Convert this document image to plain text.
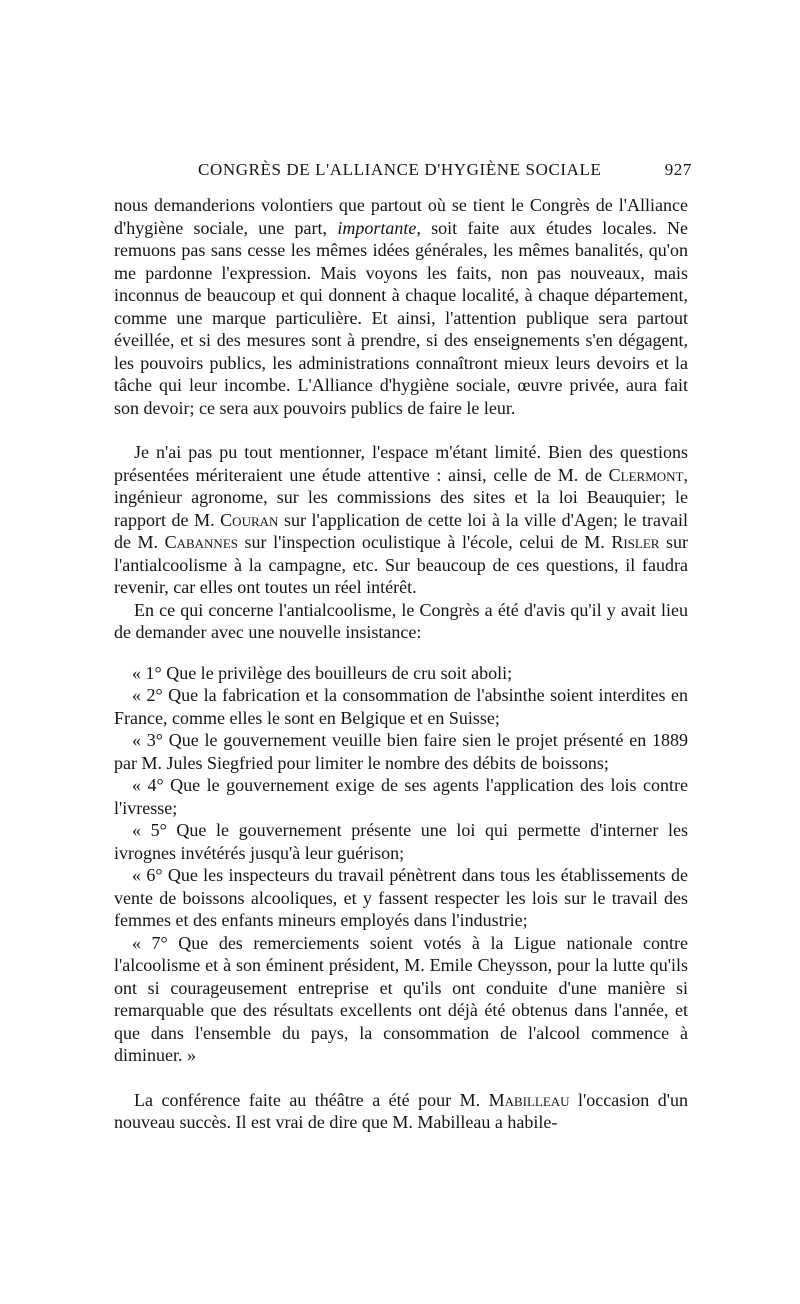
CONGRÈS DE L'ALLIANCE D'HYGIÈNE SOCIALE	927

nous demanderions volontiers que partout où se tient le Congrès de l'Alliance d'hygiène sociale, une part, importante, soit faite aux études locales. Ne remuons pas sans cesse les mêmes idées générales, les mêmes banalités, qu'on me pardonne l'expression. Mais voyons les faits, non pas nouveaux, mais inconnus de beaucoup et qui donnent à chaque localité, à chaque département, comme une marque particulière. Et ainsi, l'attention publique sera partout éveillée, et si des mesures sont à prendre, si des enseignements s'en dégagent, les pouvoirs publics, les administrations connaîtront mieux leurs devoirs et la tâche qui leur incombe. L'Alliance d'hygiène sociale, œuvre privée, aura fait son devoir; ce sera aux pouvoirs publics de faire le leur.

Je n'ai pas pu tout mentionner, l'espace m'étant limité. Bien des questions présentées mériteraient une étude attentive : ainsi, celle de M. de Clermont, ingénieur agronome, sur les commissions des sites et la loi Beauquier; le rapport de M. Couran sur l'application de cette loi à la ville d'Agen; le travail de M. Cabannes sur l'inspection oculistique à l'école, celui de M. Risler sur l'antialcoolisme à la campagne, etc. Sur beaucoup de ces questions, il faudra revenir, car elles ont toutes un réel intérêt.

En ce qui concerne l'antialcoolisme, le Congrès a été d'avis qu'il y avait lieu de demander avec une nouvelle insistance:

« 1° Que le privilège des bouilleurs de cru soit aboli;

« 2° Que la fabrication et la consommation de l'absinthe soient interdites en France, comme elles le sont en Belgique et en Suisse;

« 3° Que le gouvernement veuille bien faire sien le projet présenté en 1889 par M. Jules Siegfried pour limiter le nombre des débits de boissons;

« 4° Que le gouvernement exige de ses agents l'application des lois contre l'ivresse;

« 5° Que le gouvernement présente une loi qui permette d'interner les ivrognes invétérés jusqu'à leur guérison;

« 6° Que les inspecteurs du travail pénètrent dans tous les établissements de vente de boissons alcooliques, et y fassent respecter les lois sur le travail des femmes et des enfants mineurs employés dans l'industrie;

« 7° Que des remerciements soient votés à la Ligue nationale contre l'alcoolisme et à son éminent président, M. Emile Cheysson, pour la lutte qu'ils ont si courageusement entreprise et qu'ils ont conduite d'une manière si remarquable que des résultats excellents ont déjà été obtenus dans l'année, et que dans l'ensemble du pays, la consommation de l'alcool commence à diminuer. »

La conférence faite au théâtre a été pour M. Mabilleau l'occasion d'un nouveau succès. Il est vrai de dire que M. Mabilleau a habile-
